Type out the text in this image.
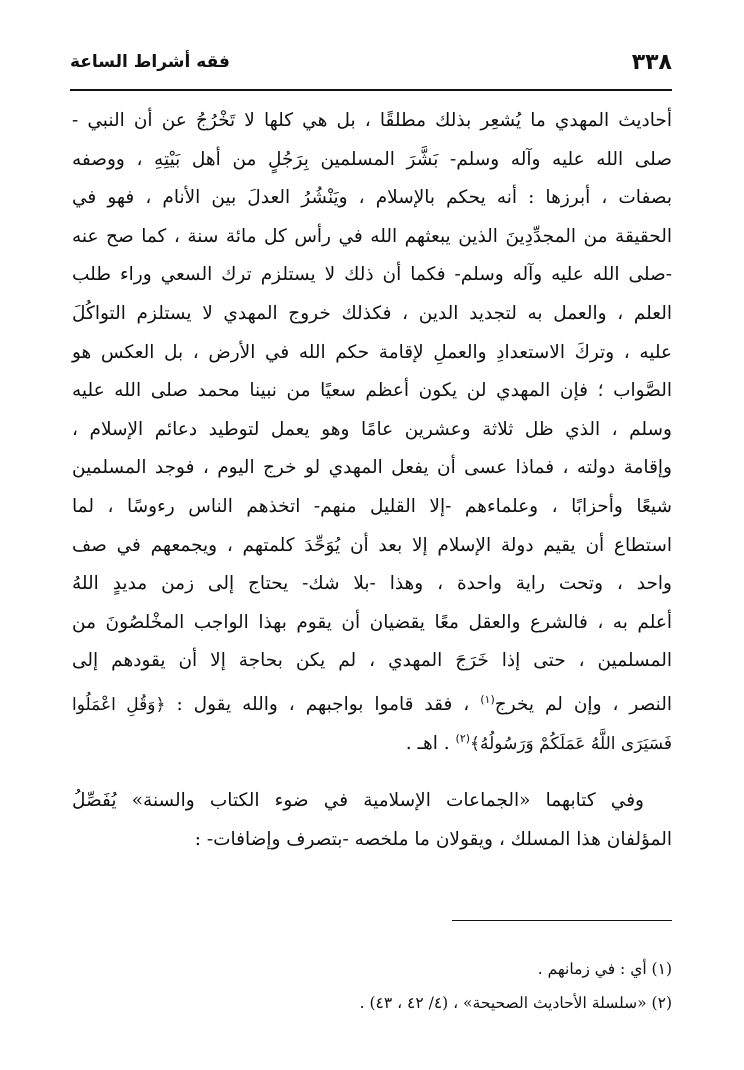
٣٣٨
فقه أشراط الساعة
أحاديث المهدي ما يُشعِر بذلك مطلقًا ، بل هي كلها لا تَخْرُجُ عن أن النبي -
صلى الله عليه وآله وسلم- بَشَّرَ المسلمين بِرَجُلٍ من أهل بَيْتِهِ ، ووصفه
بصفات ، أبرزها : أنه يحكم بالإسلام ، ويَنْشُرُ العدلَ بين الأنام ، فهو في
الحقيقة من المجدِّدِينَ الذين يبعثهم الله في رأس كل مائة سنة ، كما صح عنه
-صلى الله عليه وآله وسلم- فكما أن ذلك لا يستلزم ترك السعي وراء طلب
العلم ، والعمل به لتجديد الدين ، فكذلك خروج المهدي لا يستلزم التواكُلَ
عليه ، وتركَ الاستعدادِ والعملِ لإقامة حكم الله في الأرض ، بل العكس هو
الصَّواب ؛ فإن المهدي لن يكون أعظم سعيًا من نبينا محمد صلى الله عليه
وسلم ، الذي ظل ثلاثة وعشرين عامًا وهو يعمل لتوطيد دعائم الإسلام ،
وإقامة دولته ، فماذا عسى أن يفعل المهدي لو خرج اليوم ، فوجد المسلمين
شيعًا وأحزابًا ، وعلماءهم -إلا القليل منهم- اتخذهم الناس رءوسًا ، لما
استطاع أن يقيم دولة الإسلام إلا بعد أن يُوَحِّدَ كلمتهم ، ويجمعهم في صف
واحد ، وتحت راية واحدة ، وهذا -بلا شك- يحتاج إلى زمن مديدٍ اللهُ
أعلم به ، فالشرع والعقل معًا يقضيان أن يقوم بهذا الواجب المخْلصُونَ من
المسلمين ، حتى إذا خَرَجَ المهدي ، لم يكن بحاجة إلا أن يقودهم إلى
النصر ، وإن لم يخرج$^{(١)}$ ، فقد قاموا بواجبهم ، والله يقول : ﴿وَقُلِ اعْمَلُوا
فَسَيَرَى اللَّهُ عَمَلَكُمْ وَرَسُولُهُ﴾$^{(٢)}$ . اهـ .
وفي كتابهما «الجماعات الإسلامية في ضوء الكتاب والسنة» يُفَصِّلُ
المؤلفان هذا المسلك ، ويقولان ما ملخصه -بتصرف وإضافات- :
(١) أي : في زمانهم .
(٢) «سلسلة الأحاديث الصحيحة» ، (٤/ ٤٢ ، ٤٣) .
